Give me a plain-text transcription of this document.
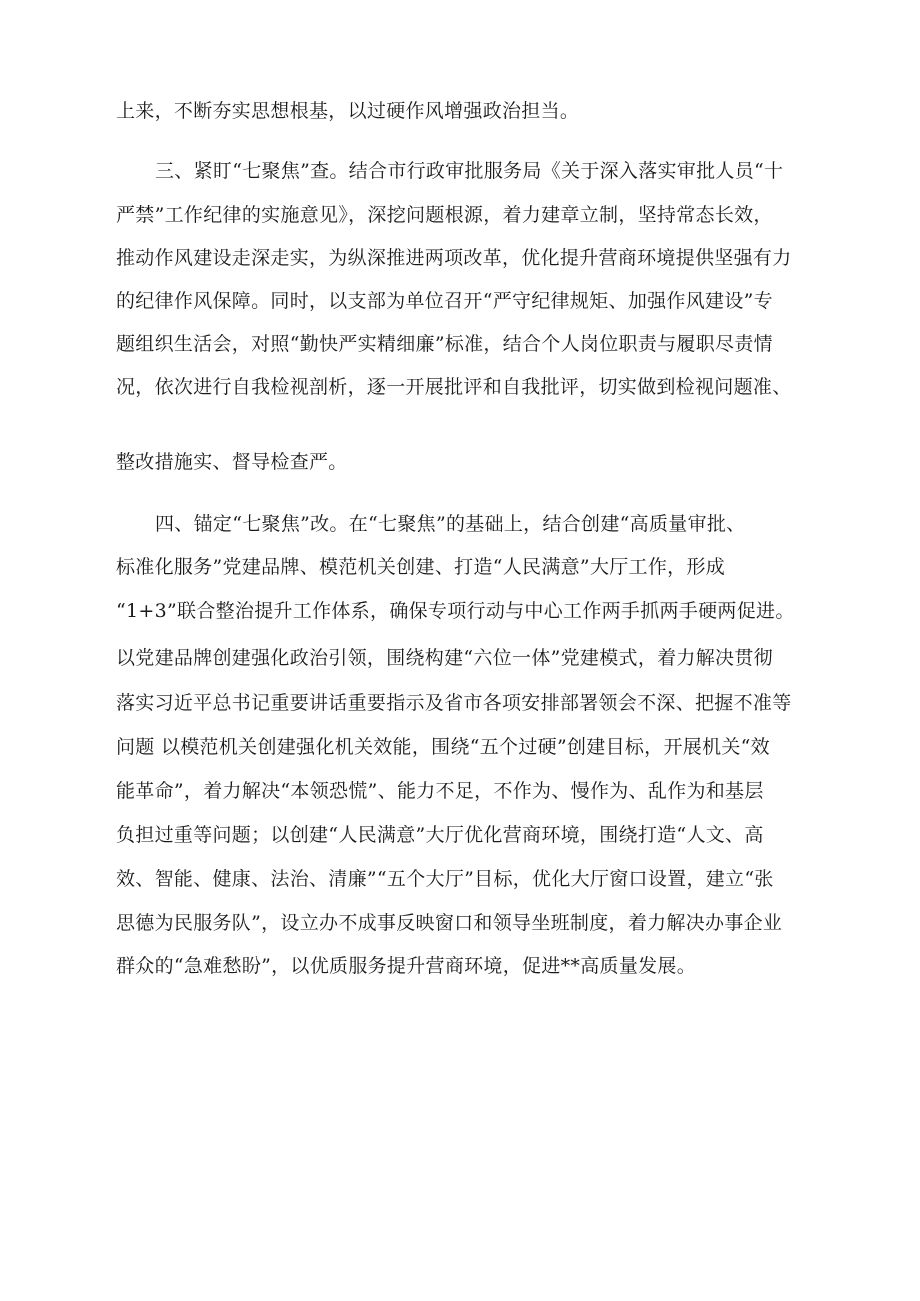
上来，不断夯实思想根基，以过硬作风增强政治担当。
三、紧盯“七聚焦”查。结合市行政审批服务局《关于深入落实审批人员“十
严禁”工作纪律的实施意见》，深挖问题根源，着力建章立制，坚持常态长效，
推动作风建设走深走实，为纵深推进两项改革，优化提升营商环境提供坚强有力
的纪律作风保障。同时，以支部为单位召开“严守纪律规矩、加强作风建设”专
题组织生活会，对照“勤快严实精细廉”标准，结合个人岗位职责与履职尽责情
况，依次进行自我检视剖析，逐一开展批评和自我批评，切实做到检视问题准、
整改措施实、督导检查严。
四、锚定“七聚焦”改。在“七聚焦”的基础上，结合创建“高质量审批、
标准化服务”党建品牌、模范机关创建、打造“人民满意”大厅工作，形成
“1+3”联合整治提升工作体系，确保专项行动与中心工作两手抓两手硬两促进。
以党建品牌创建强化政治引领，围绕构建“六位一体”党建模式，着力解决贯彻
落实习近平总书记重要讲话重要指示及省市各项安排部署领会不深、把握不准等
问题 以模范机关创建强化机关效能，围绕“五个过硬”创建目标，开展机关“效
能革命”，着力解决“本领恐慌”、能力不足，不作为、慢作为、乱作为和基层
负担过重等问题；以创建“人民满意”大厅优化营商环境，围绕打造“人文、高
效、智能、健康、法治、清廉”“五个大厅”目标，优化大厅窗口设置，建立“张
思德为民服务队”，设立办不成事反映窗口和领导坐班制度，着力解决办事企业
群众的“急难愁盼”，以优质服务提升营商环境，促进**高质量发展。
